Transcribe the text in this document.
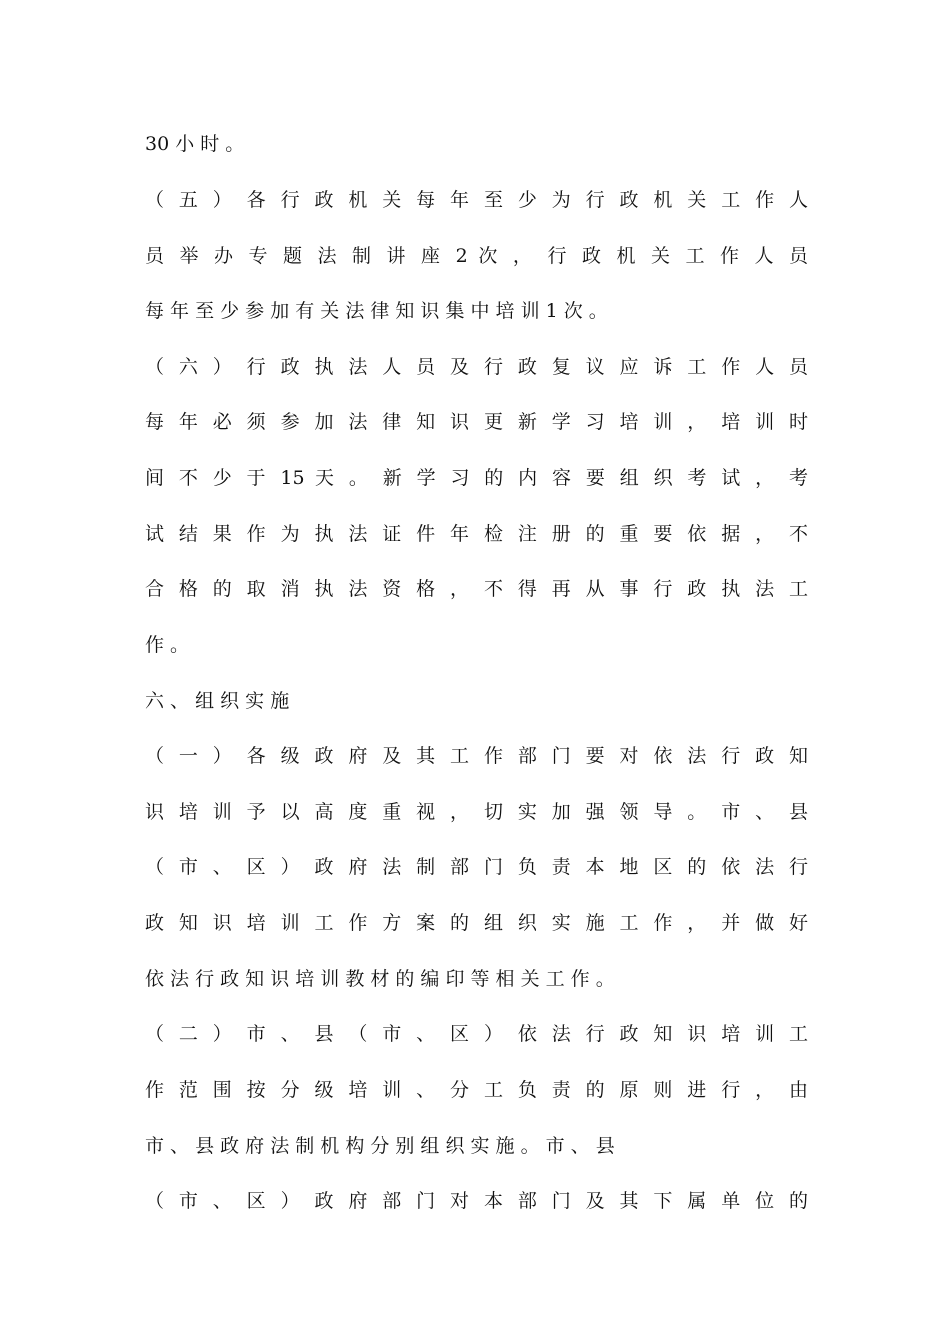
30 小 时 。
（ 五 ） 各 行 政 机 关 每 年 至 少 为 行 政 机 关 工 作 人
员 举 办 专 题 法 制 讲 座 2 次 ， 行 政 机 关 工 作 人 员
每 年 至 少 参 加 有 关 法 律 知 识 集 中 培 训 1 次 。
（ 六 ） 行 政 执 法 人 员 及 行 政 复 议 应 诉 工 作 人 员
每 年 必 须 参 加 法 律 知 识 更 新 学 习 培 训 ， 培 训 时
间 不 少 于 15 天 。 新 学 习 的 内 容 要 组 织 考 试 ， 考
试 结 果 作 为 执 法 证 件 年 检 注 册 的 重 要 依 据 ， 不
合 格 的 取 消 执 法 资 格 ， 不 得 再 从 事 行 政 执 法 工
作 。
六 、 组 织 实 施
（ 一 ） 各 级 政 府 及 其 工 作 部 门 要 对 依 法 行 政 知
识 培 训 予 以 高 度 重 视 ， 切 实 加 强 领 导 。 市 、 县
（ 市 、 区 ） 政 府 法 制 部 门 负 责 本 地 区 的 依 法 行
政 知 识 培 训 工 作 方 案 的 组 织 实 施 工 作 ， 并 做 好
依 法 行 政 知 识 培 训 教 材 的 编 印 等 相 关 工 作 。
（ 二 ） 市 、 县 （ 市 、 区 ） 依 法 行 政 知 识 培 训 工
作 范 围 按 分 级 培 训 、 分 工 负 责 的 原 则 进 行 ， 由
市 、 县 政 府 法 制 机 构 分 别 组 织 实 施 。 市 、 县
（ 市 、 区 ） 政 府 部 门 对 本 部 门 及 其 下 属 单 位 的
